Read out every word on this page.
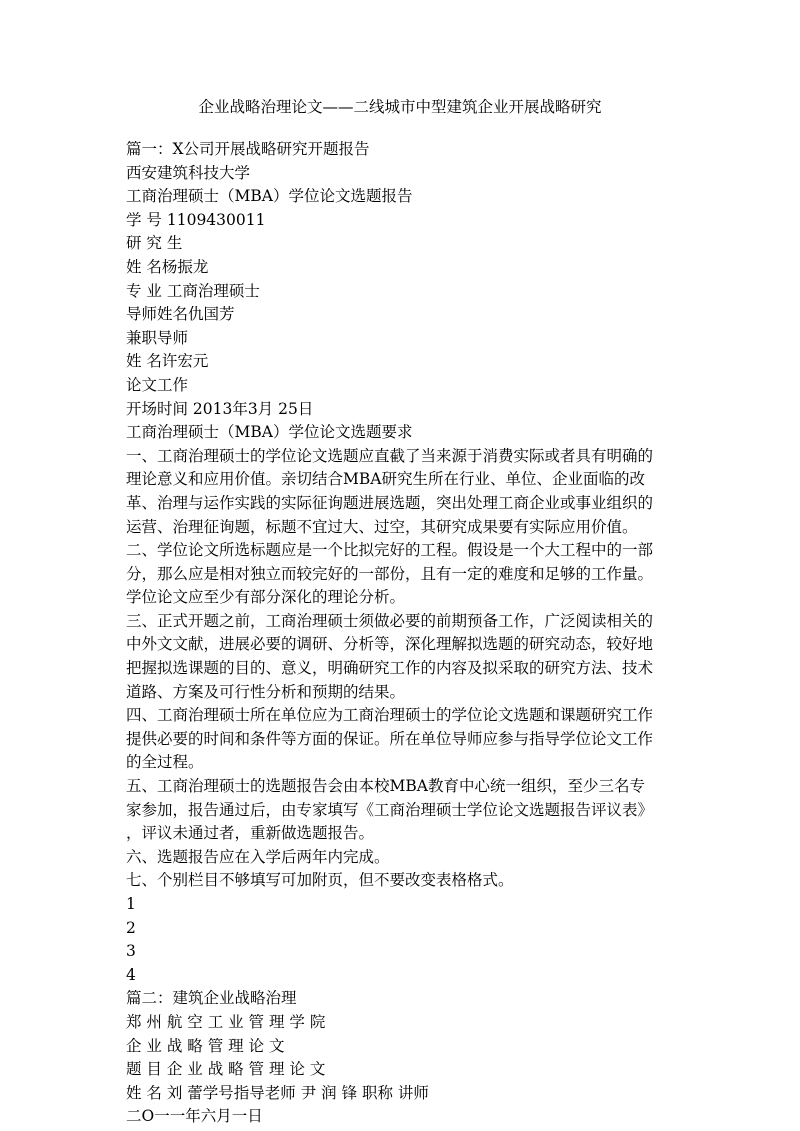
企业战略治理论文——二线城市中型建筑企业开展战略研究
篇一：X公司开展战略研究开题报告
西安建筑科技大学
工商治理硕士（MBA）学位论文选题报告
学 号 1109430011
研 究 生
姓 名杨振龙
专 业 工商治理硕士
导师姓名仇国芳
兼职导师
姓 名许宏元
论文工作
开场时间 2013年3月 25日
工商治理硕士（MBA）学位论文选题要求
一、工商治理硕士的学位论文选题应直截了当来源于消费实际或者具有明确的
理论意义和应用价值。亲切结合MBA研究生所在行业、单位、企业面临的改
革、治理与运作实践的实际征询题进展选题，突出处理工商企业或事业组织的
运营、治理征询题，标题不宜过大、过空，其研究成果要有实际应用价值。
二、学位论文所选标题应是一个比拟完好的工程。假设是一个大工程中的一部
分，那么应是相对独立而较完好的一部份，且有一定的难度和足够的工作量。
学位论文应至少有部分深化的理论分析。
三、正式开题之前，工商治理硕士须做必要的前期预备工作，广泛阅读相关的
中外文文献，进展必要的调研、分析等，深化理解拟选题的研究动态，较好地
把握拟选课题的目的、意义，明确研究工作的内容及拟采取的研究方法、技术
道路、方案及可行性分析和预期的结果。
四、工商治理硕士所在单位应为工商治理硕士的学位论文选题和课题研究工作
提供必要的时间和条件等方面的保证。所在单位导师应参与指导学位论文工作
的全过程。
五、工商治理硕士的选题报告会由本校MBA教育中心统一组织，至少三名专
家参加，报告通过后，由专家填写《工商治理硕士学位论文选题报告评议表》
，评议未通过者，重新做选题报告。
六、选题报告应在入学后两年内完成。
七、个别栏目不够填写可加附页，但不要改变表格格式。
1
2
3
4
篇二：建筑企业战略治理
郑 州 航 空 工 业 管 理 学 院
企 业 战 略 管 理 论 文
题 目 企 业 战 略 管 理 论 文
姓 名 刘 蕾学号指导老师 尹 润 锋 职称 讲师
二O一一年六月一日
